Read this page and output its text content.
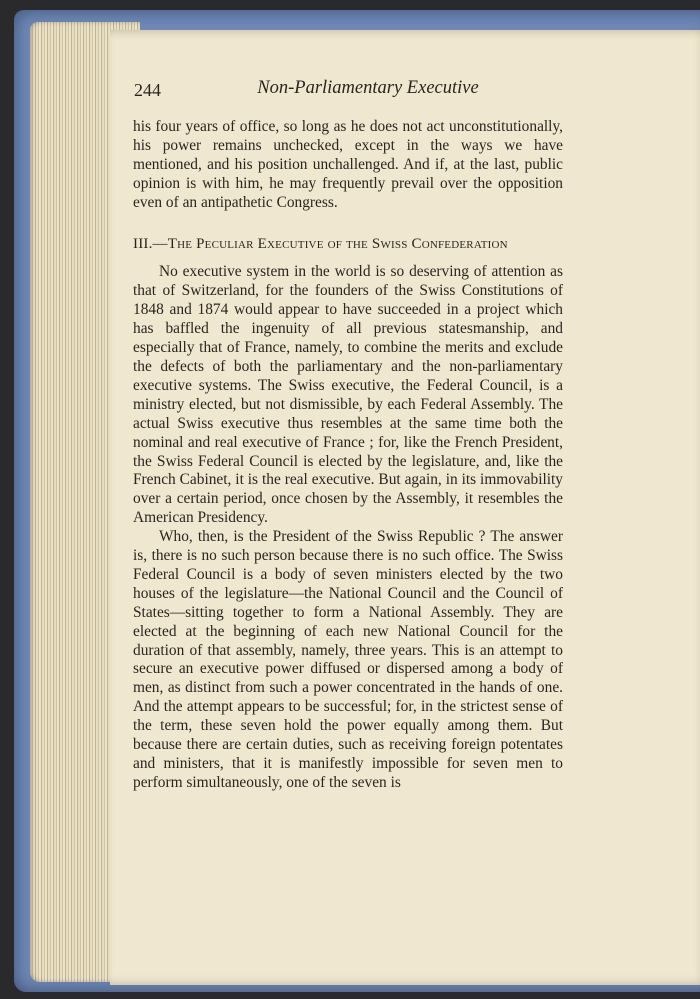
244	Non-Parliamentary Executive

his four years of office, so long as he does not act unconstitutionally, his power remains unchecked, except in the ways we have mentioned, and his position unchallenged. And if, at the last, public opinion is with him, he may frequently prevail over the opposition even of an antipathetic Congress.

III.—The Peculiar Executive of the Swiss Confederation

No executive system in the world is so deserving of attention as that of Switzerland, for the founders of the Swiss Constitutions of 1848 and 1874 would appear to have succeeded in a project which has baffled the ingenuity of all previous statesmanship, and especially that of France, namely, to combine the merits and exclude the defects of both the parliamentary and the non-parliamentary executive systems. The Swiss executive, the Federal Council, is a ministry elected, but not dismissible, by each Federal Assembly. The actual Swiss executive thus resembles at the same time both the nominal and real executive of France ; for, like the French President, the Swiss Federal Council is elected by the legislature, and, like the French Cabinet, it is the real executive. But again, in its immovability over a certain period, once chosen by the Assembly, it resembles the American Presidency.

Who, then, is the President of the Swiss Republic ? The answer is, there is no such person because there is no such office. The Swiss Federal Council is a body of seven ministers elected by the two houses of the legislature—the National Council and the Council of States—sitting together to form a National Assembly. They are elected at the beginning of each new National Council for the duration of that assembly, namely, three years. This is an attempt to secure an executive power diffused or dispersed among a body of men, as distinct from such a power concentrated in the hands of one. And the attempt appears to be successful; for, in the strictest sense of the term, these seven hold the power equally among them. But because there are certain duties, such as receiving foreign potentates and ministers, that it is manifestly impossible for seven men to perform simultaneously, one of the seven is
